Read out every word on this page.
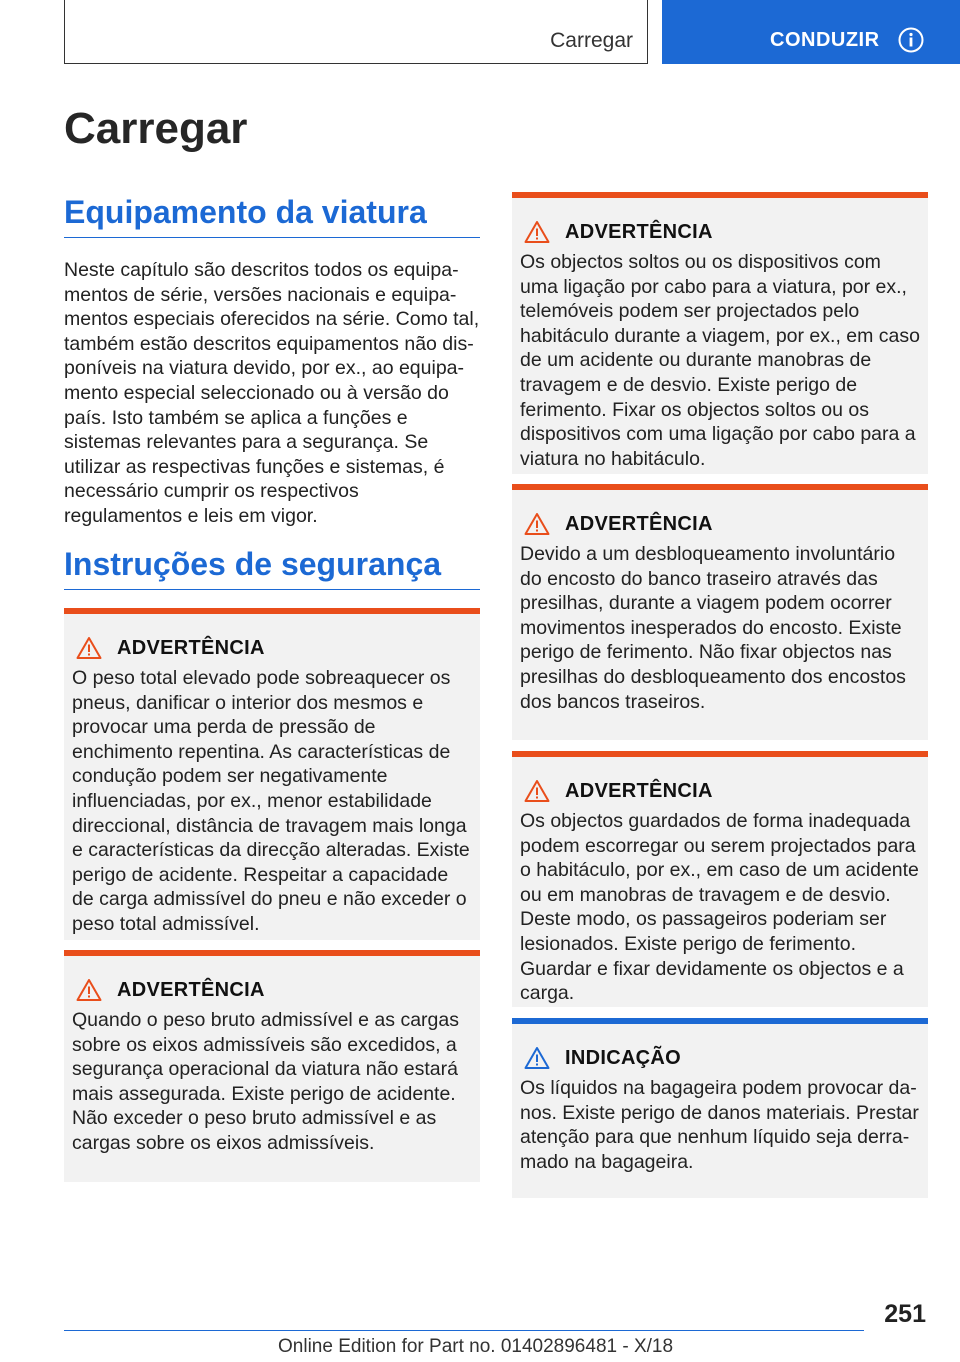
Carregar	CONDUZIR
Carregar
Equipamento da viatura

Neste capítulo são descritos todos os equipamentos de série, versões nacionais e equipamentos especiais oferecidos na série. Como tal, também estão descritos equipamentos não disponíveis na viatura devido, por ex., ao equipamento especial seleccionado ou à versão do país. Isto também se aplica a funções e sistemas relevantes para a segurança. Se utilizar as respectivas funções e sistemas, é necessário cumprir os respectivos regulamentos e leis em vigor.

Instruções de segurança
ADVERTÊNCIA

O peso total elevado pode sobreaquecer os pneus, danificar o interior dos mesmos e provocar uma perda de pressão de enchimento repentina. As características de condução podem ser negativamente influenciadas, por ex., menor estabilidade direccional, distância de travagem mais longa e características da direcção alteradas. Existe perigo de acidente. Respeitar a capacidade de carga admissível do pneu e não exceder o peso total admissível.

ADVERTÊNCIA

Quando o peso bruto admissível e as cargas sobre os eixos admissíveis são excedidos, a segurança operacional da viatura não estará mais assegurada. Existe perigo de acidente. Não exceder o peso bruto admissível e as cargas sobre os eixos admissíveis.

ADVERTÊNCIA

Os objectos soltos ou os dispositivos com uma ligação por cabo para a viatura, por ex., telemóveis podem ser projectados pelo habitáculo durante a viagem, por ex., em caso de um acidente ou durante manobras de travagem e de desvio. Existe perigo de ferimento. Fixar os objectos soltos ou os dispositivos com uma ligação por cabo para a viatura no habitáculo.

ADVERTÊNCIA

Devido a um desbloqueamento involuntário do encosto do banco traseiro através das presilhas, durante a viagem podem ocorrer movimentos inesperados do encosto. Existe perigo de ferimento. Não fixar objectos nas presilhas do desbloqueamento dos encostos dos bancos traseiros.

ADVERTÊNCIA

Os objectos guardados de forma inadequada podem escorregar ou serem projectados para o habitáculo, por ex., em caso de um acidente ou em manobras de travagem e de desvio. Deste modo, os passageiros poderiam ser lesionados. Existe perigo de ferimento. Guardar e fixar devidamente os objectos e a carga.

INDICAÇÃO

Os líquidos na bagageira podem provocar danos. Existe perigo de danos materiais. Prestar atenção para que nenhum líquido seja derramado na bagageira.

251
Online Edition for Part no. 01402896481 - X/18
